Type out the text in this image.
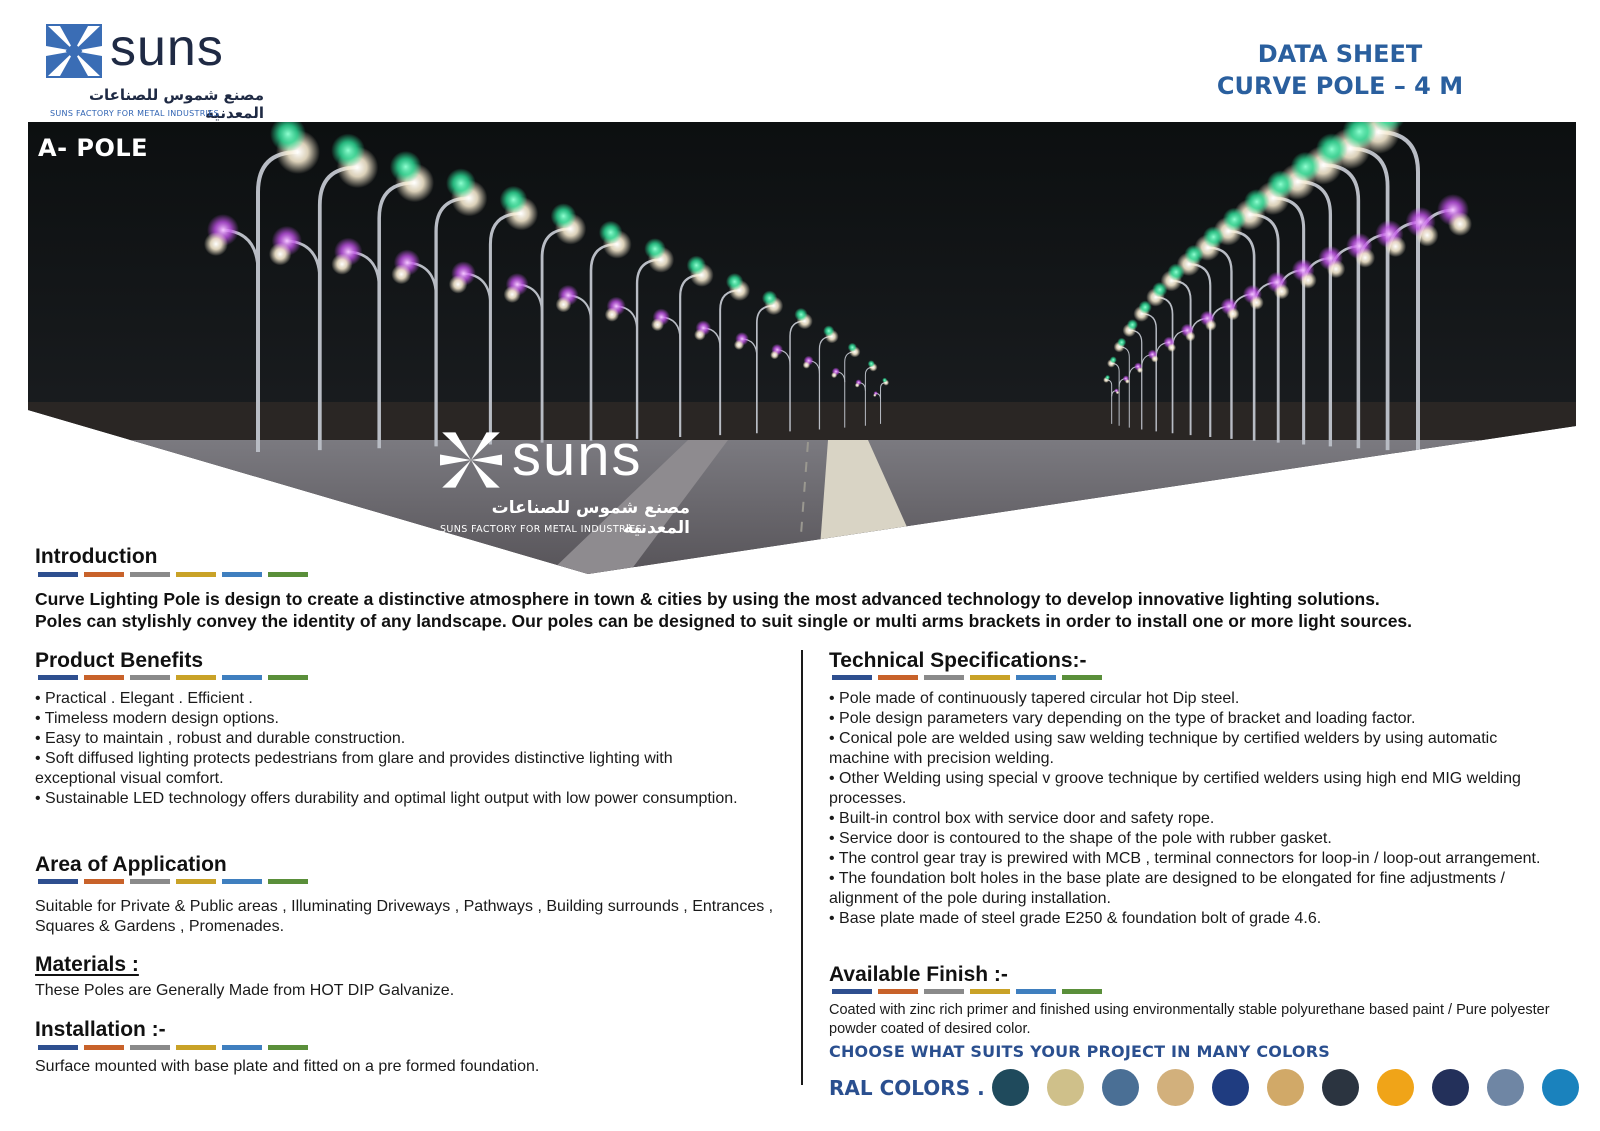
suns
مصنع شموس للصناعات المعدنية
SUNS FACTORY FOR METAL INDUSTRIES
DATA SHEET
CURVE POLE – 4 M
A- POLE
suns
مصنع شموس للصناعات المعدنية
SUNS FACTORY FOR METAL INDUSTRIES
Introduction
Curve Lighting Pole is design to create a distinctive atmosphere in town & cities by using the most advanced technology to develop innovative lighting solutions.
Poles can stylishly convey the identity of any landscape. Our poles can be designed to suit single or multi arms brackets in order to install one or more light sources.
Product Benefits
• Practical . Elegant . Efficient .
• Timeless modern design options.
• Easy to maintain , robust and durable construction.
• Soft diffused lighting protects pedestrians from glare and provides distinctive lighting with exceptional visual comfort.
• Sustainable LED technology offers durability and optimal light output with low power consumption.
Area of Application
Suitable for Private & Public areas , Illuminating Driveways , Pathways , Building surrounds , Entrances , Squares & Gardens , Promenades.
Materials :
These Poles are Generally Made from HOT DIP Galvanize.
Installation :-
Surface mounted with base plate and fitted on a pre formed foundation.
Technical Specifications:-
• Pole made of continuously tapered circular hot Dip steel.
• Pole design parameters vary depending on the type of bracket and loading factor.
• Conical pole are welded using saw welding technique by certified welders by using automatic machine with precision welding.
• Other Welding using special v groove technique by certified welders using high end MIG welding processes.
• Built-in control box with service door and safety rope.
• Service door is contoured to the shape of the pole with rubber gasket.
• The control gear tray is prewired with MCB , terminal connectors for loop-in / loop-out arrangement.
• The foundation bolt holes in the base plate are designed to be elongated for fine adjustments / alignment of the pole during installation.
• Base plate made of steel grade E250 & foundation bolt of grade 4.6.
Available Finish :-
Coated with zinc rich primer and finished using environmentally stable polyurethane based paint / Pure polyester powder coated of desired color.
CHOOSE WHAT SUITS YOUR PROJECT IN MANY COLORS
RAL COLORS .
